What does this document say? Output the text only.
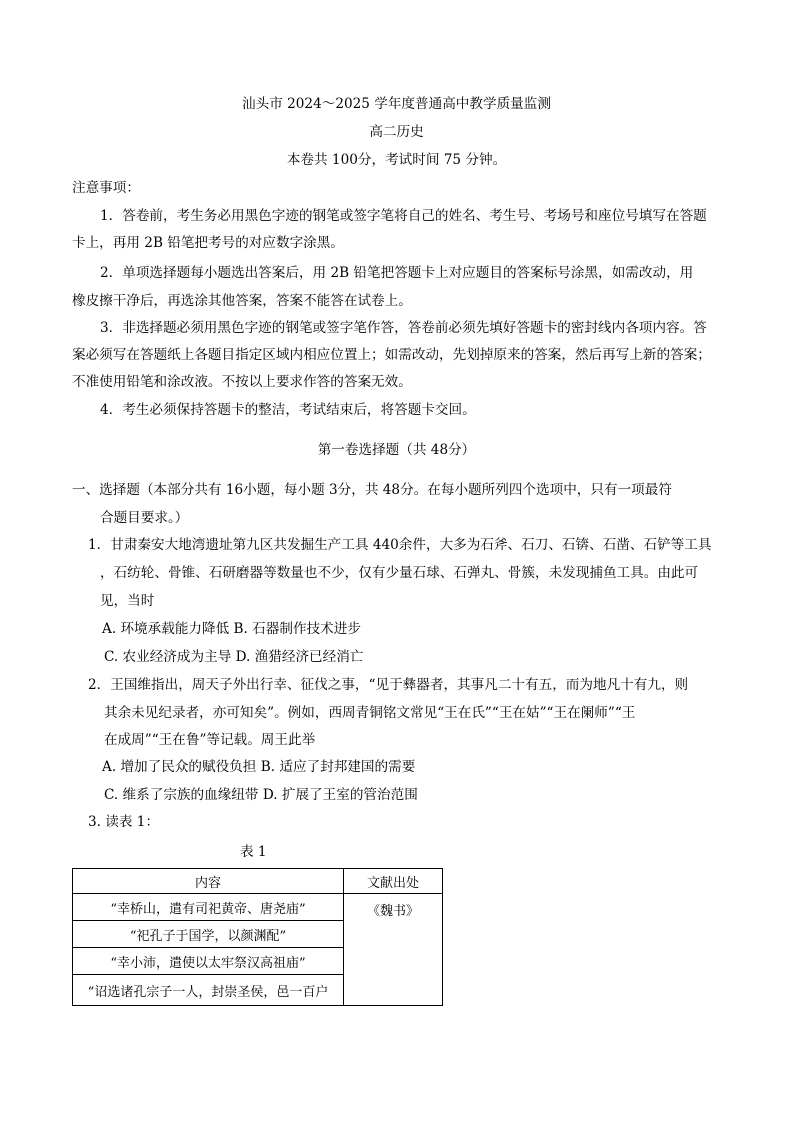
汕头市 2024～2025 学年度普通高中教学质量监测
高二历史
本卷共 100分，考试时间 75 分钟。
注意事项：
1．答卷前，考生务必用黑色字迹的钢笔或签字笔将自己的姓名、考生号、考场号和座位号填写在答题
卡上，再用 2B 铅笔把考号的对应数字涂黑。
2．单项选择题每小题选出答案后，用 2B 铅笔把答题卡上对应题目的答案标号涂黑，如需改动，用
橡皮擦干净后，再选涂其他答案，答案不能答在试卷上。
3．非选择题必须用黑色字迹的钢笔或签字笔作答，答卷前必须先填好答题卡的密封线内各项内容。答
案必须写在答题纸上各题目指定区域内相应位置上；如需改动，先划掉原来的答案，然后再写上新的答案；
不准使用铅笔和涂改液。不按以上要求作答的答案无效。
4．考生必须保持答题卡的整洁，考试结束后，将答题卡交回。
第一卷选择题（共 48分）
一、选择题（本部分共有 16小题，每小题 3分，共 48分。在每小题所列四个选项中，只有一项最符
合题目要求。）
1．甘肃秦安大地湾遗址第九区共发掘生产工具 440余件，大多为石斧、石刀、石锛、石凿、石铲等工具
，石纺轮、骨锥、石研磨器等数量也不少，仅有少量石球、石弹丸、骨簇，未发现捕鱼工具。由此可
见，当时
A. 环境承载能力降低 B. 石器制作技术进步
C. 农业经济成为主导 D. 渔猎经济已经消亡
2．王国维指出，周天子外出行幸、征伐之事，“见于彝器者，其事凡二十有五，而为地凡十有九，则
其余未见纪录者，亦可知矣”。例如，西周青铜铭文常见“王在氏”“王在姑”“王在阑师”“王
在成周”“王在鲁”等记载。周王此举
A. 增加了民众的赋役负担 B. 适应了封邦建国的需要
C. 维系了宗族的血缘纽带 D. 扩展了王室的管治范围
3. 读表 1：
表 1
内容	文献出处
“幸桥山，遣有司祀黄帝、唐尧庙”	《魏书》
“祀孔子于国学，以颜渊配”	
“幸小沛，遣使以太牢祭汉高祖庙”	
“诏选诸孔宗子一人，封崇圣侯，邑一百户	
